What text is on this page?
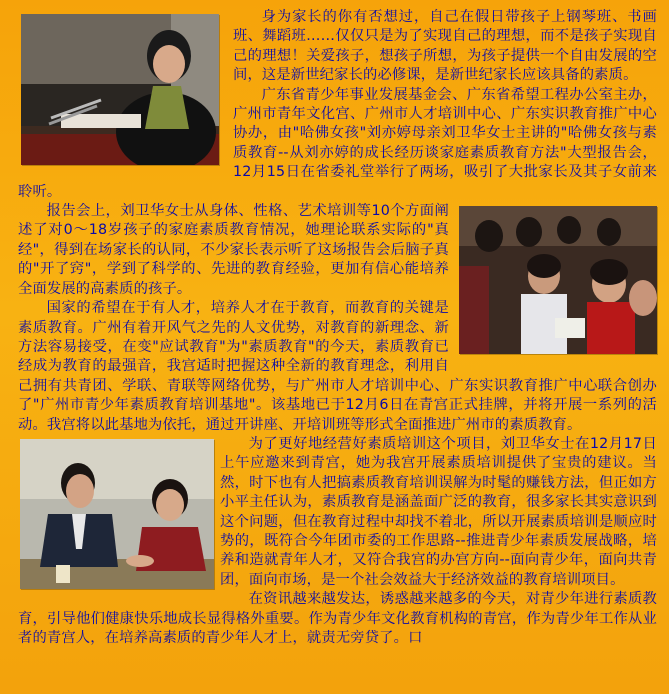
身为家长的你有否想过，自己在假日带孩子上钢琴班、书画班、舞蹈班……仅仅只是为了实现自己的理想，而不是孩子实现自己的理想！关爱孩子，想孩子所想，为孩子提供一个自由发展的空间，这是新世纪家长的必修课，是新世纪家长应该具备的素质。

广东省青少年事业发展基金会、广东省希望工程办公室主办，广州市青年文化宫、广州市人才培训中心、广东实识教育推广中心协办，由"哈佛女孩"刘亦婷母亲刘卫华女士主讲的"哈佛女孩与素质教育--从刘亦婷的成长经历谈家庭素质教育方法"大型报告会，12月15日在省委礼堂举行了两场，吸引了大批家长及其子女前来聆听。

报告会上，刘卫华女士从身体、性格、艺术培训等10个方面阐述了对0～18岁孩子的家庭素质教育情况，她理论联系实际的"真经"，得到在场家长的认同，不少家长表示听了这场报告会后脑子真的"开了窍"，学到了科学的、先进的教育经验，更加有信心能培养全面发展的高素质的孩子。

国家的希望在于有人才，培养人才在于教育，而教育的关键是素质教育。广州有着开风气之先的人文优势，对教育的新理念、新方法容易接受，在变"应试教育"为"素质教育"的今天，素质教育已经成为教育的最强音，我宫适时把握这种全新的教育理念，利用自己拥有共青团、学联、青联等网络优势，与广州市人才培训中心、广东实识教育推广中心联合创办了"广州市青少年素质教育培训基地"。该基地已于12月6日在青宫正式挂牌，并将开展一系列的活动。我宫将以此基地为依托，通过开讲座、开培训班等形式全面推进广州市的素质教育。

为了更好地经营好素质培训这个项目，刘卫华女士在12月17日上午应邀来到青宫，她为我宫开展素质培训提供了宝贵的建议。当然，时下也有人把搞素质教育培训误解为时髦的赚钱方法，但正如方小平主任认为，素质教育是涵盖面广泛的教育，很多家长其实意识到这个问题，但在教育过程中却找不着北，所以开展素质培训是顺应时势的，既符合今年团市委的工作思路--推进青少年素质发展战略，培养和造就青年人才，又符合我宫的办宫方向--面向青少年，面向共青团，面向市场，是一个社会效益大于经济效益的教育培训项目。

在资讯越来越发达，诱惑越来越多的今天，对青少年进行素质教育，引导他们健康快乐地成长显得格外重要。作为青少年文化教育机构的青宫，作为青少年工作从业者的青宫人，在培养高素质的青少年人才上，就责无旁贷了。口
